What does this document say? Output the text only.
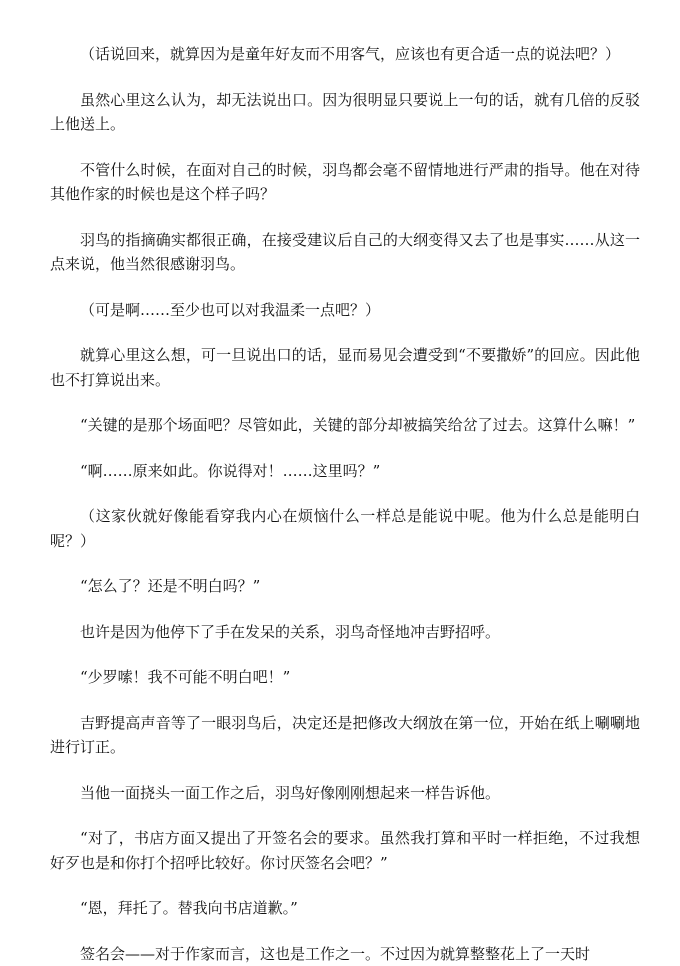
（话说回来，就算因为是童年好友而不用客气，应该也有更合适一点的说法吧？）

虽然心里这么认为，却无法说出口。因为很明显只要说上一句的话，就有几倍的反驳上他送上。

不管什么时候，在面对自己的时候，羽鸟都会毫不留情地进行严肃的指导。他在对待其他作家的时候也是这个样子吗？

羽鸟的指摘确实都很正确，在接受建议后自己的大纲变得又去了也是事实……从这一点来说，他当然很感谢羽鸟。

（可是啊……至少也可以对我温柔一点吧？）

就算心里这么想，可一旦说出口的话，显而易见会遭受到“不要撒娇”的回应。因此他也不打算说出来。

“关键的是那个场面吧？尽管如此，关键的部分却被搞笑给岔了过去。这算什么嘛！”

“啊……原来如此。你说得对！……这里吗？”

（这家伙就好像能看穿我内心在烦恼什么一样总是能说中呢。他为什么总是能明白呢？）

“怎么了？还是不明白吗？”

也许是因为他停下了手在发呆的关系，羽鸟奇怪地冲吉野招呼。

“少罗嗦！我不可能不明白吧！”

吉野提高声音等了一眼羽鸟后，决定还是把修改大纲放在第一位，开始在纸上唰唰地进行订正。

当他一面挠头一面工作之后，羽鸟好像刚刚想起来一样告诉他。

“对了，书店方面又提出了开签名会的要求。虽然我打算和平时一样拒绝，不过我想好歹也是和你打个招呼比较好。你讨厌签名会吧？”

“恩，拜托了。替我向书店道歉。”

签名会——对于作家而言，这也是工作之一。不过因为就算整整花上了一天时
